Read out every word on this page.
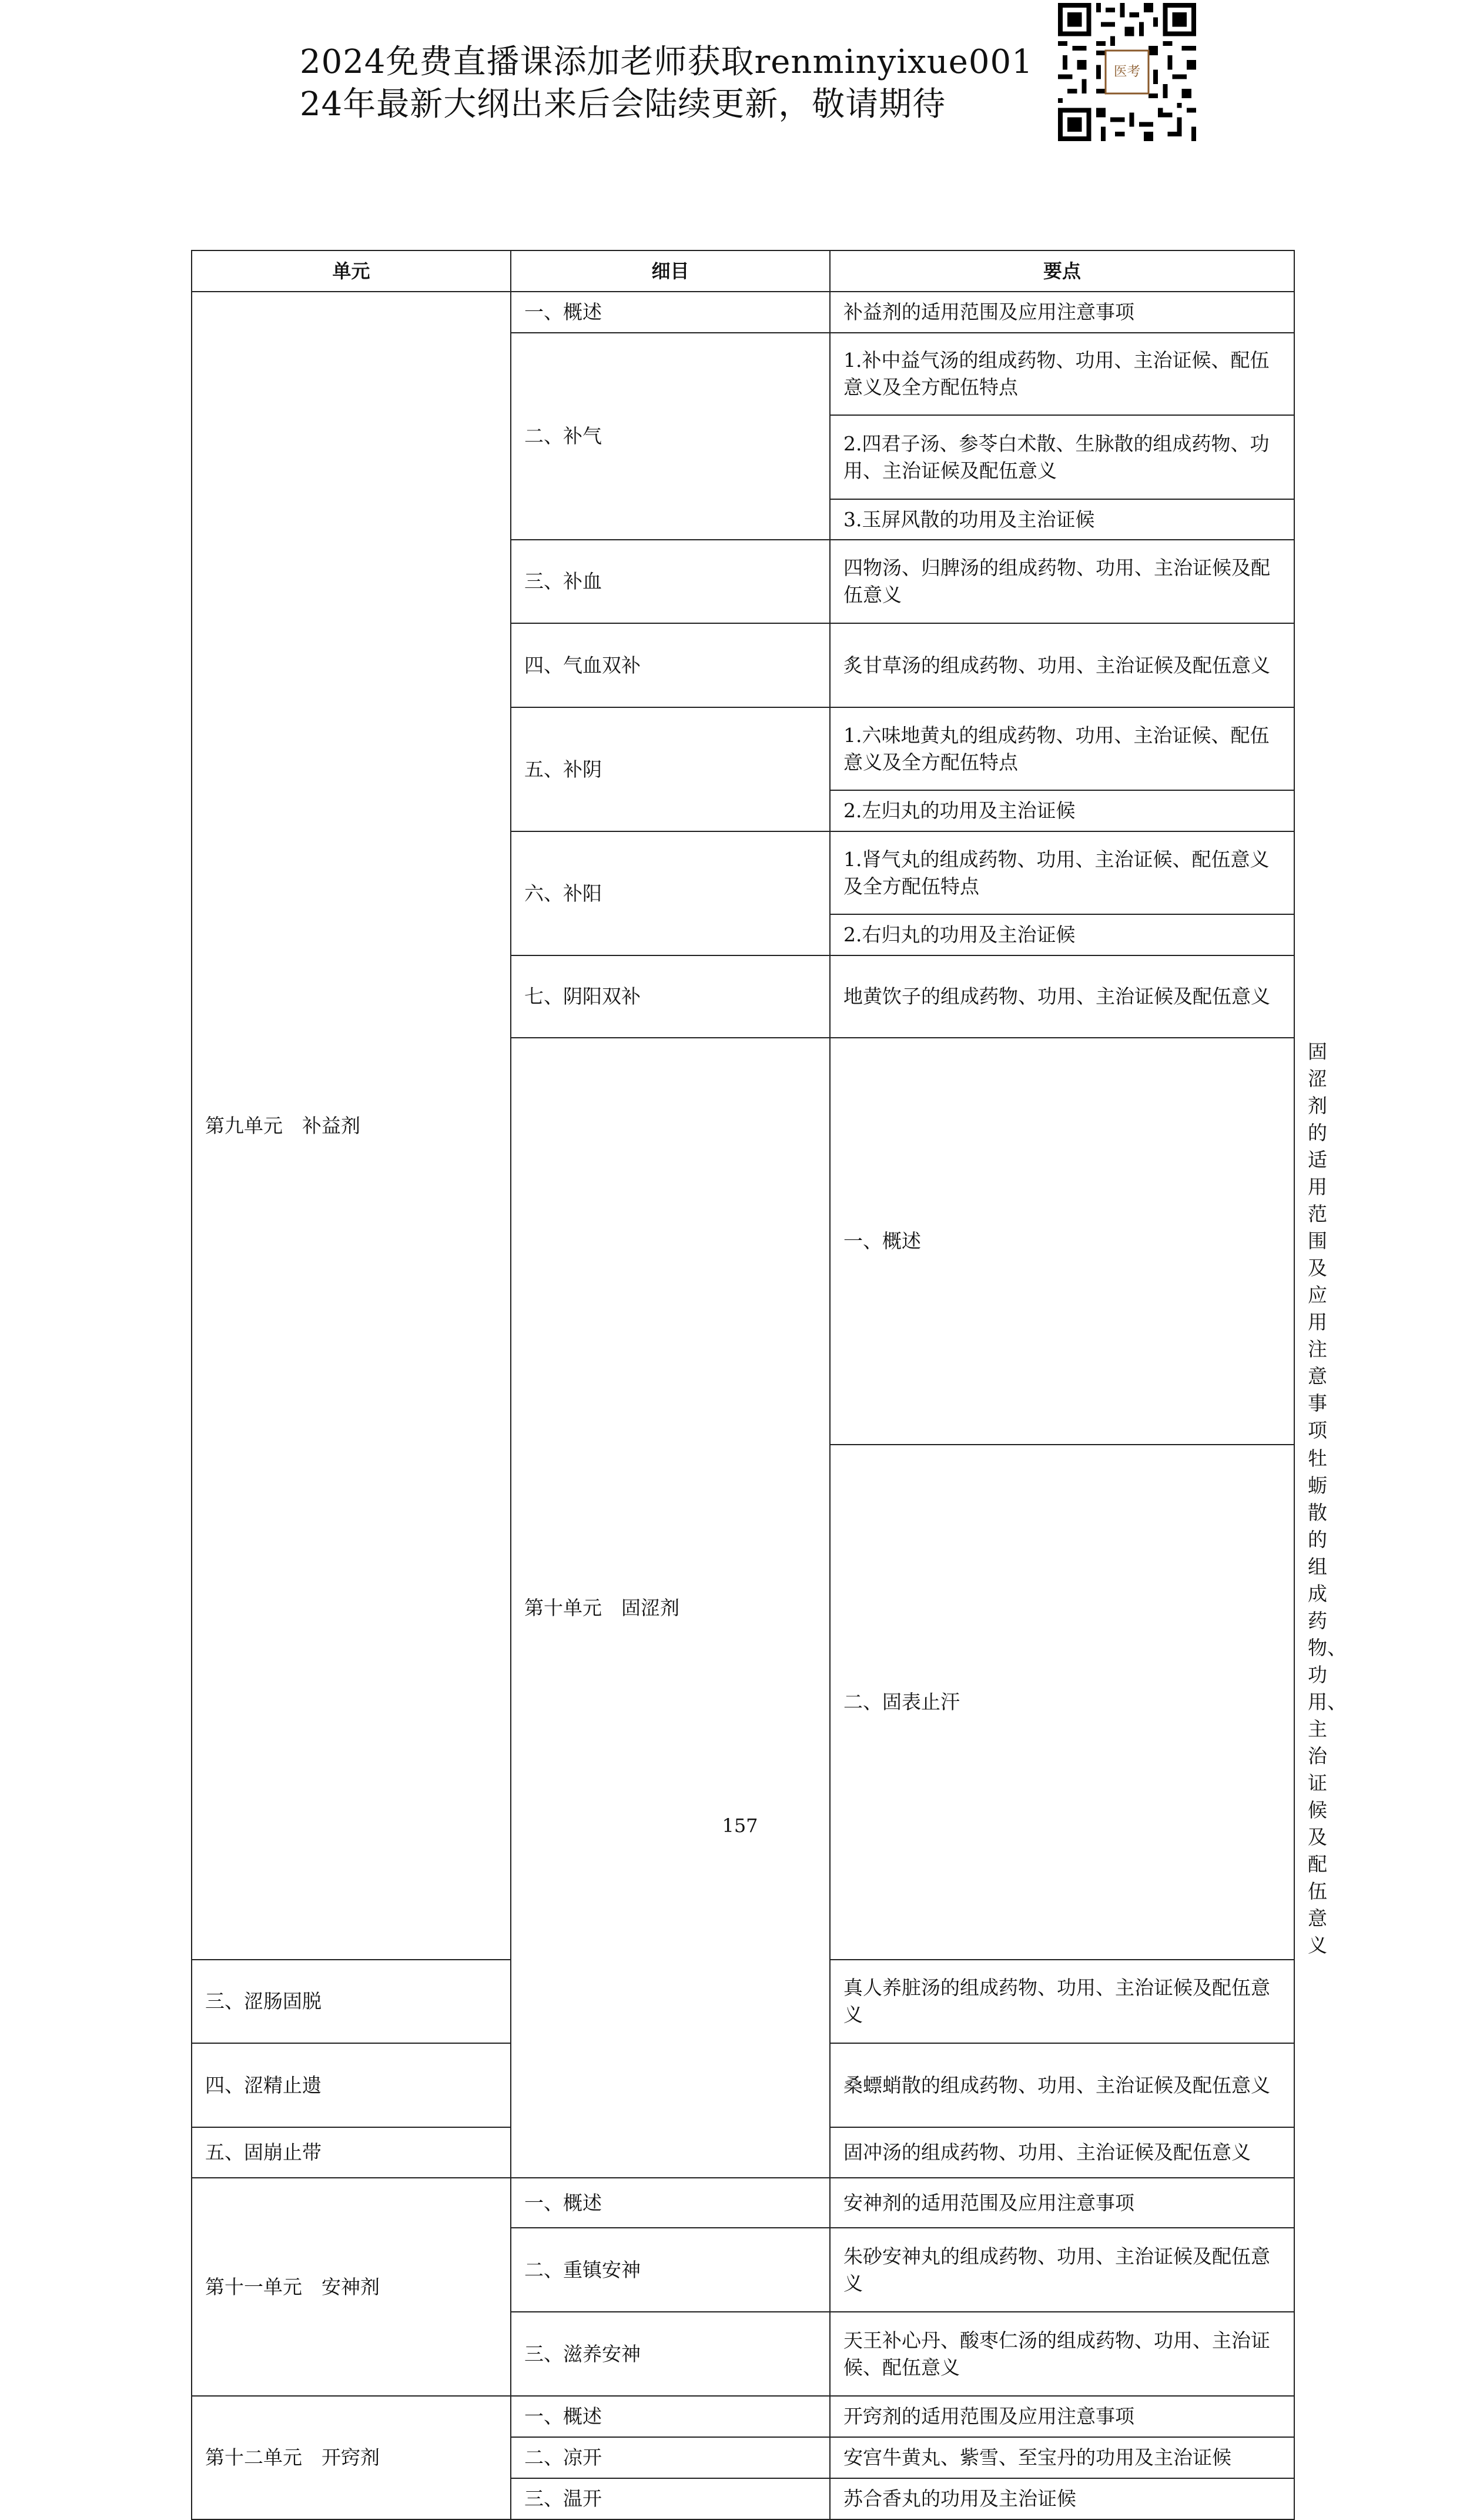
2024免费直播课添加老师获取renminyixue001
24年最新大纲出来后会陆续更新，敬请期待
医考
单元	细目	要点	
第九单元　补益剂	一、概述	补益剂的适用范围及应用注意事项	
	二、补气	1.补中益气汤的组成药物、功用、主治证候、配伍意义及全方配伍特点	
		2.四君子汤、参苓白术散、生脉散的组成药物、功用、主治证候及配伍意义	
		3.玉屏风散的功用及主治证候	
	三、补血	四物汤、归脾汤的组成药物、功用、主治证候及配伍意义	
	四、气血双补	炙甘草汤的组成药物、功用、主治证候及配伍意义	
	五、补阴	1.六味地黄丸的组成药物、功用、主治证候、配伍意义及全方配伍特点	
		2.左归丸的功用及主治证候	
	六、补阳	1.肾气丸的组成药物、功用、主治证候、配伍意义及全方配伍特点	
		2.右归丸的功用及主治证候	
	七、阴阳双补	地黄饮子的组成药物、功用、主治证候及配伍意义	
	第十单元　固涩剂	一、概述	固涩剂的适用范围及应用注意事项
		二、固表止汗	牡蛎散的组成药物、功用、主治证候及配伍意义
三、涩肠固脱		真人养脏汤的组成药物、功用、主治证候及配伍意义	
四、涩精止遗		桑螵蛸散的组成药物、功用、主治证候及配伍意义	
五、固崩止带		固冲汤的组成药物、功用、主治证候及配伍意义	
第十一单元　安神剂	一、概述	安神剂的适用范围及应用注意事项	
	二、重镇安神	朱砂安神丸的组成药物、功用、主治证候及配伍意义	
	三、滋养安神	天王补心丹、酸枣仁汤的组成药物、功用、主治证候、配伍意义	
第十二单元　开窍剂	一、概述	开窍剂的适用范围及应用注意事项	
	二、凉开	安宫牛黄丸、紫雪、至宝丹的功用及主治证候	
	三、温开	苏合香丸的功用及主治证候	
157
